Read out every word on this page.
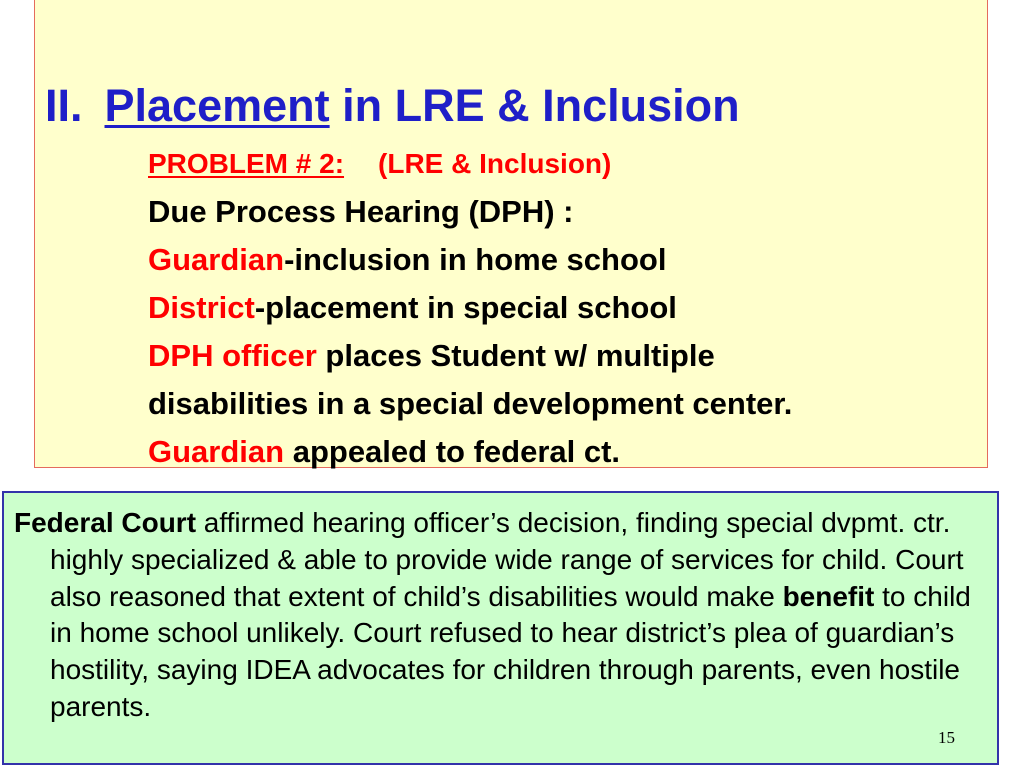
II. Placement in LRE & Inclusion
PROBLEM # 2: (LRE & Inclusion)
Due Process Hearing (DPH) :
Guardian-inclusion in home school
District-placement in special school
DPH officer places Student w/ multiple
disabilities in a special development center.
Guardian appealed to federal ct.
Federal Court affirmed hearing officer’s decision, finding special dvpmt. ctr. highly specialized & able to provide wide range of services for child. Court also reasoned that extent of child’s disabilities would make benefit to child in home school unlikely. Court refused to hear district’s plea of guardian’s hostility, saying IDEA advocates for children through parents, even hostile parents.
15
